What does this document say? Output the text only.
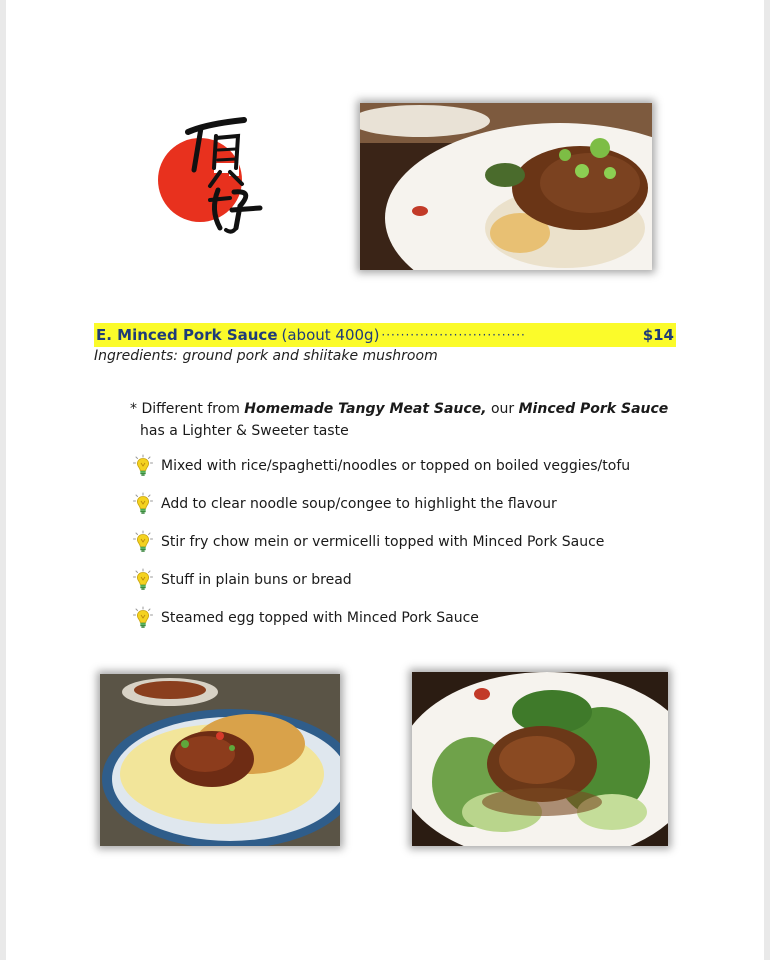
E. Minced Pork Sauce (about 400g) ······························	$14
Ingredients: ground pork and shiitake mushroom
* Different from Homemade Tangy Meat Sauce, our Minced Pork Sauce
has a Lighter & Sweeter taste
Mixed with rice/spaghetti/noodles or topped on boiled veggies/tofu
Add to clear noodle soup/congee to highlight the flavour
Stir fry chow mein or vermicelli topped with Minced Pork Sauce
Stuff in plain buns or bread
Steamed egg topped with Minced Pork Sauce
